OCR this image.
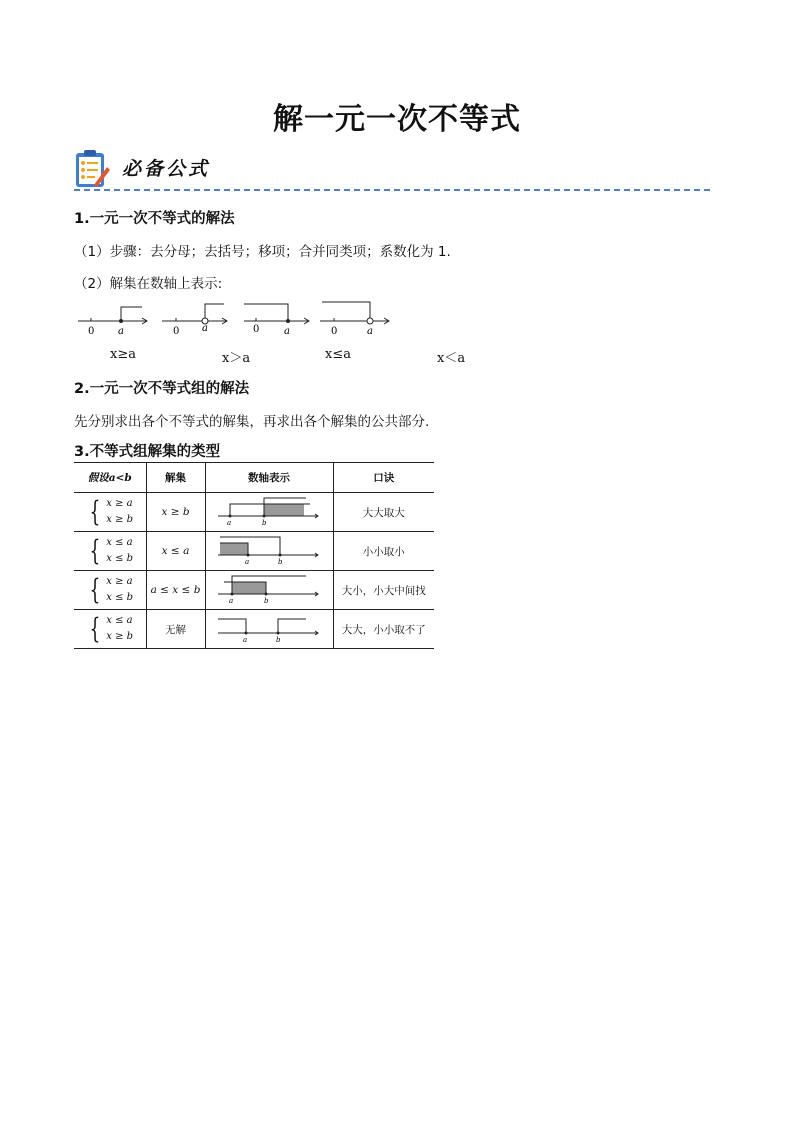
解一元一次不等式
必备公式
1.一元一次不等式的解法
（1）步骤：去分母；去括号；移项；合并同类项；系数化为 1.
（2）解集在数轴上表示:
0 a	0 a	0 a	0	a
x≥a	x＞a	x≤a	x＜a
2.一元一次不等式组的解法
先分别求出各个不等式的解集，再求出各个解集的公共部分.
3.不等式组解集的类型
假设a<b	解集	数轴表示	口诀

{ x ≥ a
x ≥ b	x ≥ b	a b	大大取大

{ x ≤ a
x ≤ b	x ≤ a	a b	小小取小

{ x ≥ a
x ≤ b	a ≤ x ≤ b	a b	大小，小大中间找

{ x ≤ a
x ≥ b	无解	a b	大大，小小取不了
